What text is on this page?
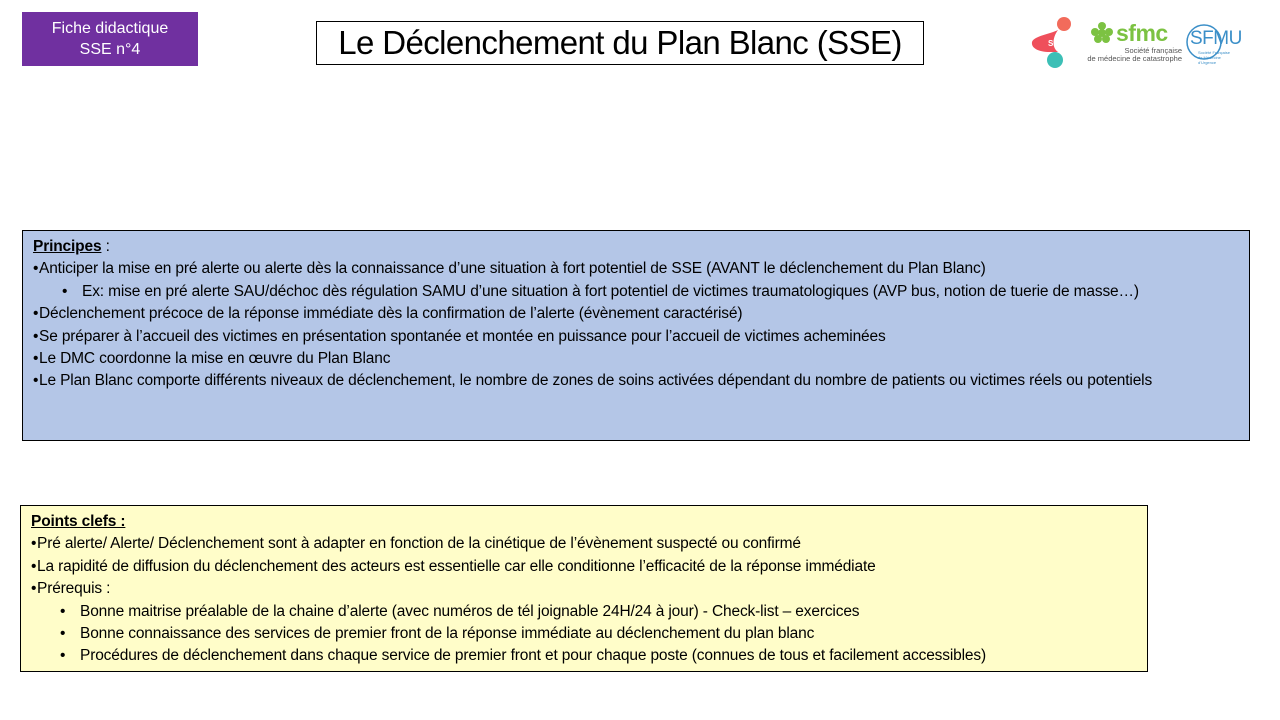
Fiche didactique
SSE n°4	Le Déclenchement du Plan Blanc (SSE)	SFAR sfmc
Société française
de médecine de catastrophe
SFMU
Société Française de Médecine d'Urgence
Principes :
• Anticiper la mise en pré alerte ou alerte dès la connaissance d’une situation à fort potentiel de SSE (AVANT le déclenchement du Plan Blanc)
• Ex: mise en pré alerte SAU/déchoc dès régulation SAMU d’une situation à fort potentiel de victimes traumatologiques (AVP bus, notion de tuerie de masse…)
• Déclenchement précoce de la réponse immédiate dès la confirmation de l’alerte (évènement caractérisé)
• Se préparer à l’accueil des victimes en présentation spontanée et montée en puissance pour l’accueil de victimes acheminées
• Le DMC coordonne la mise en œuvre du Plan Blanc
• Le Plan Blanc comporte différents niveaux de déclenchement, le nombre de zones de soins activées dépendant du nombre de patients ou victimes réels ou potentiels
Points clefs :
• Pré alerte/ Alerte/ Déclenchement sont à adapter en fonction de la cinétique de l’évènement suspecté ou confirmé
• La rapidité de diffusion du déclenchement des acteurs est essentielle car elle conditionne l’efficacité de la réponse immédiate
• Prérequis :
• Bonne maitrise préalable de la chaine d’alerte (avec numéros de tél joignable 24H/24 à jour) - Check-list – exercices
• Bonne connaissance des services de premier front de la réponse immédiate au déclenchement du plan blanc
• Procédures de déclenchement dans chaque service de premier front et pour chaque poste (connues de tous et facilement accessibles)
